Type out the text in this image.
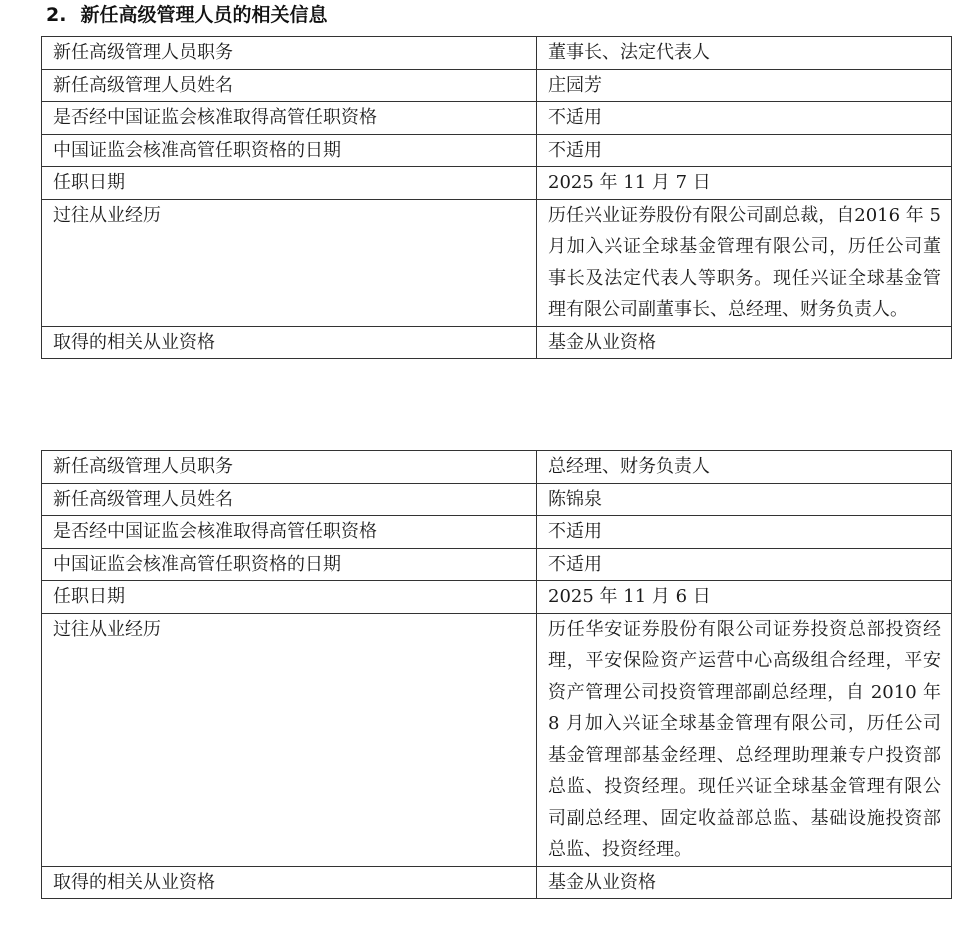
2. 新任高级管理人员的相关信息
新任高级管理人员职务	董事长、法定代表人
新任高级管理人员姓名	庄园芳
是否经中国证监会核准取得高管任职资格	不适用
中国证监会核准高管任职资格的日期	不适用
任职日期	2025 年 11 月 7 日
过往从业经历	历任兴业证券股份有限公司副总裁，自2016 年 5 月加入兴证全球基金管理有限公司，历任公司董事长及法定代表人等职务。现任兴证全球基金管理有限公司副董事长、总经理、财务负责人。
取得的相关从业资格	基金从业资格
新任高级管理人员职务	总经理、财务负责人
新任高级管理人员姓名	陈锦泉
是否经中国证监会核准取得高管任职资格	不适用
中国证监会核准高管任职资格的日期	不适用
任职日期	2025 年 11 月 6 日
过往从业经历	历任华安证券股份有限公司证券投资总部投资经理，平安保险资产运营中心高级组合经理，平安资产管理公司投资管理部副总经理，自 2010 年 8 月加入兴证全球基金管理有限公司，历任公司基金管理部基金经理、总经理助理兼专户投资部总监、投资经理。现任兴证全球基金管理有限公司副总经理、固定收益部总监、基础设施投资部总监、投资经理。
取得的相关从业资格	基金从业资格
